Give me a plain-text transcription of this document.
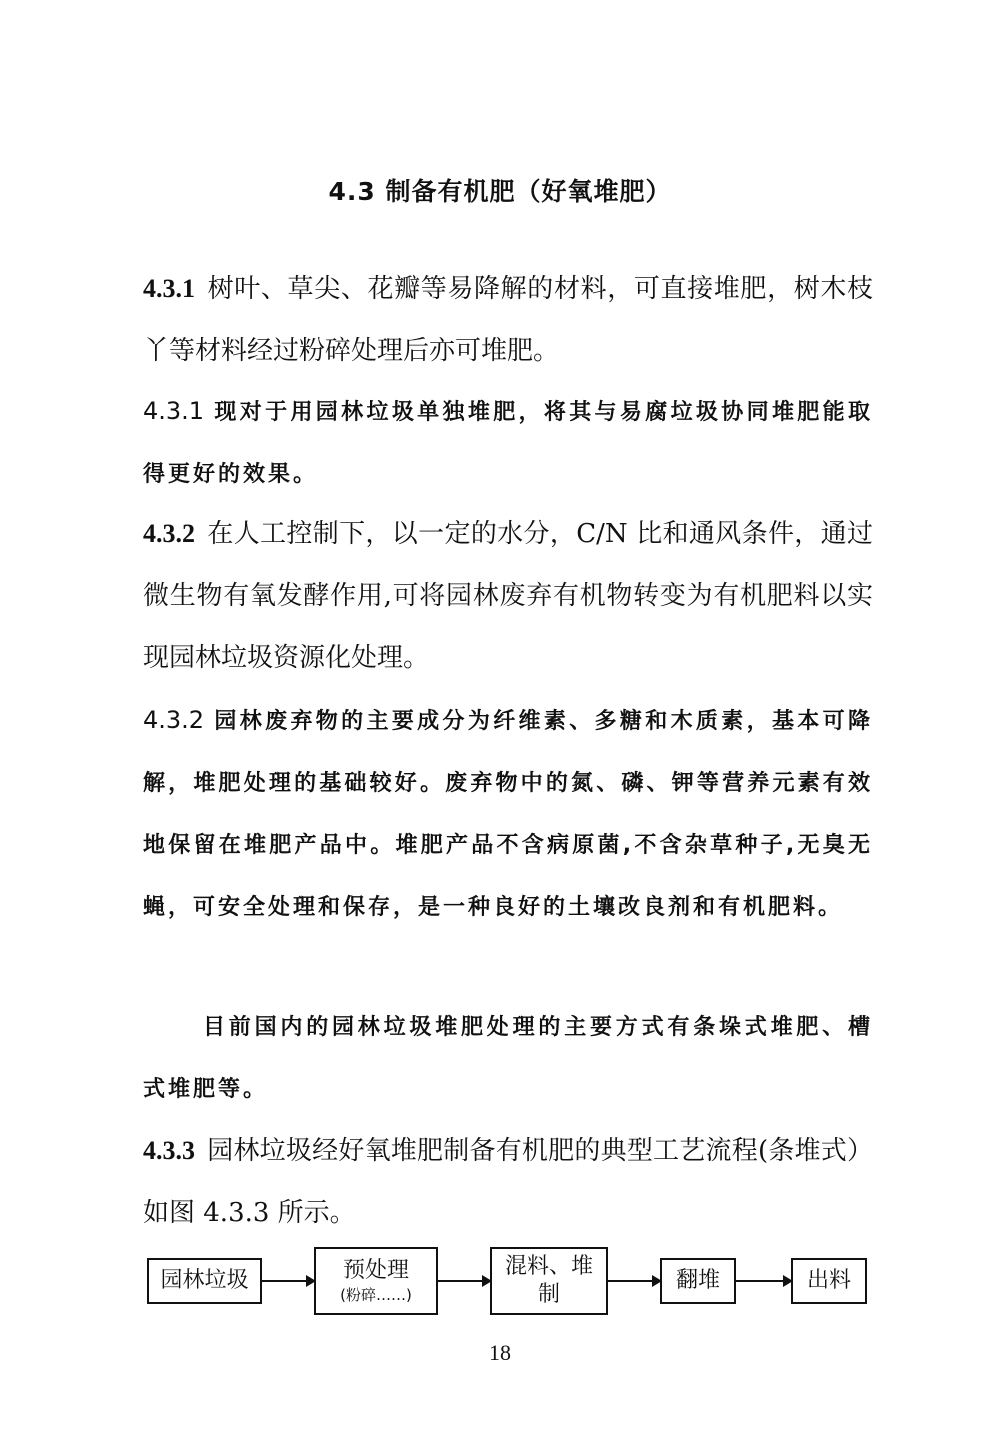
4.3 制备有机肥（好氧堆肥）

4.3.1 树叶、草尖、花瓣等易降解的材料，可直接堆肥，树木枝丫等材料经过粉碎处理后亦可堆肥。

4.3.1 现对于用园林垃圾单独堆肥，将其与易腐垃圾协同堆肥能取得更好的效果。

4.3.2 在人工控制下，以一定的水分，C/N 比和通风条件，通过微生物有氧发酵作用,可将园林废弃有机物转变为有机肥料以实现园林垃圾资源化处理。

4.3.2 园林废弃物的主要成分为纤维素、多糖和木质素，基本可降解，堆肥处理的基础较好。废弃物中的氮、磷、钾等营养元素有效地保留在堆肥产品中。堆肥产品不含病原菌,不含杂草种子,无臭无蝇，可安全处理和保存，是一种良好的土壤改良剂和有机肥料。

目前国内的园林垃圾堆肥处理的主要方式有条垛式堆肥、槽式堆肥等。

4.3.3 园林垃圾经好氧堆肥制备有机肥的典型工艺流程(条堆式）如图 4.3.3 所示。

园林垃圾	预处理
(粉碎……)
混料、堆制
翻堆	出料
18
